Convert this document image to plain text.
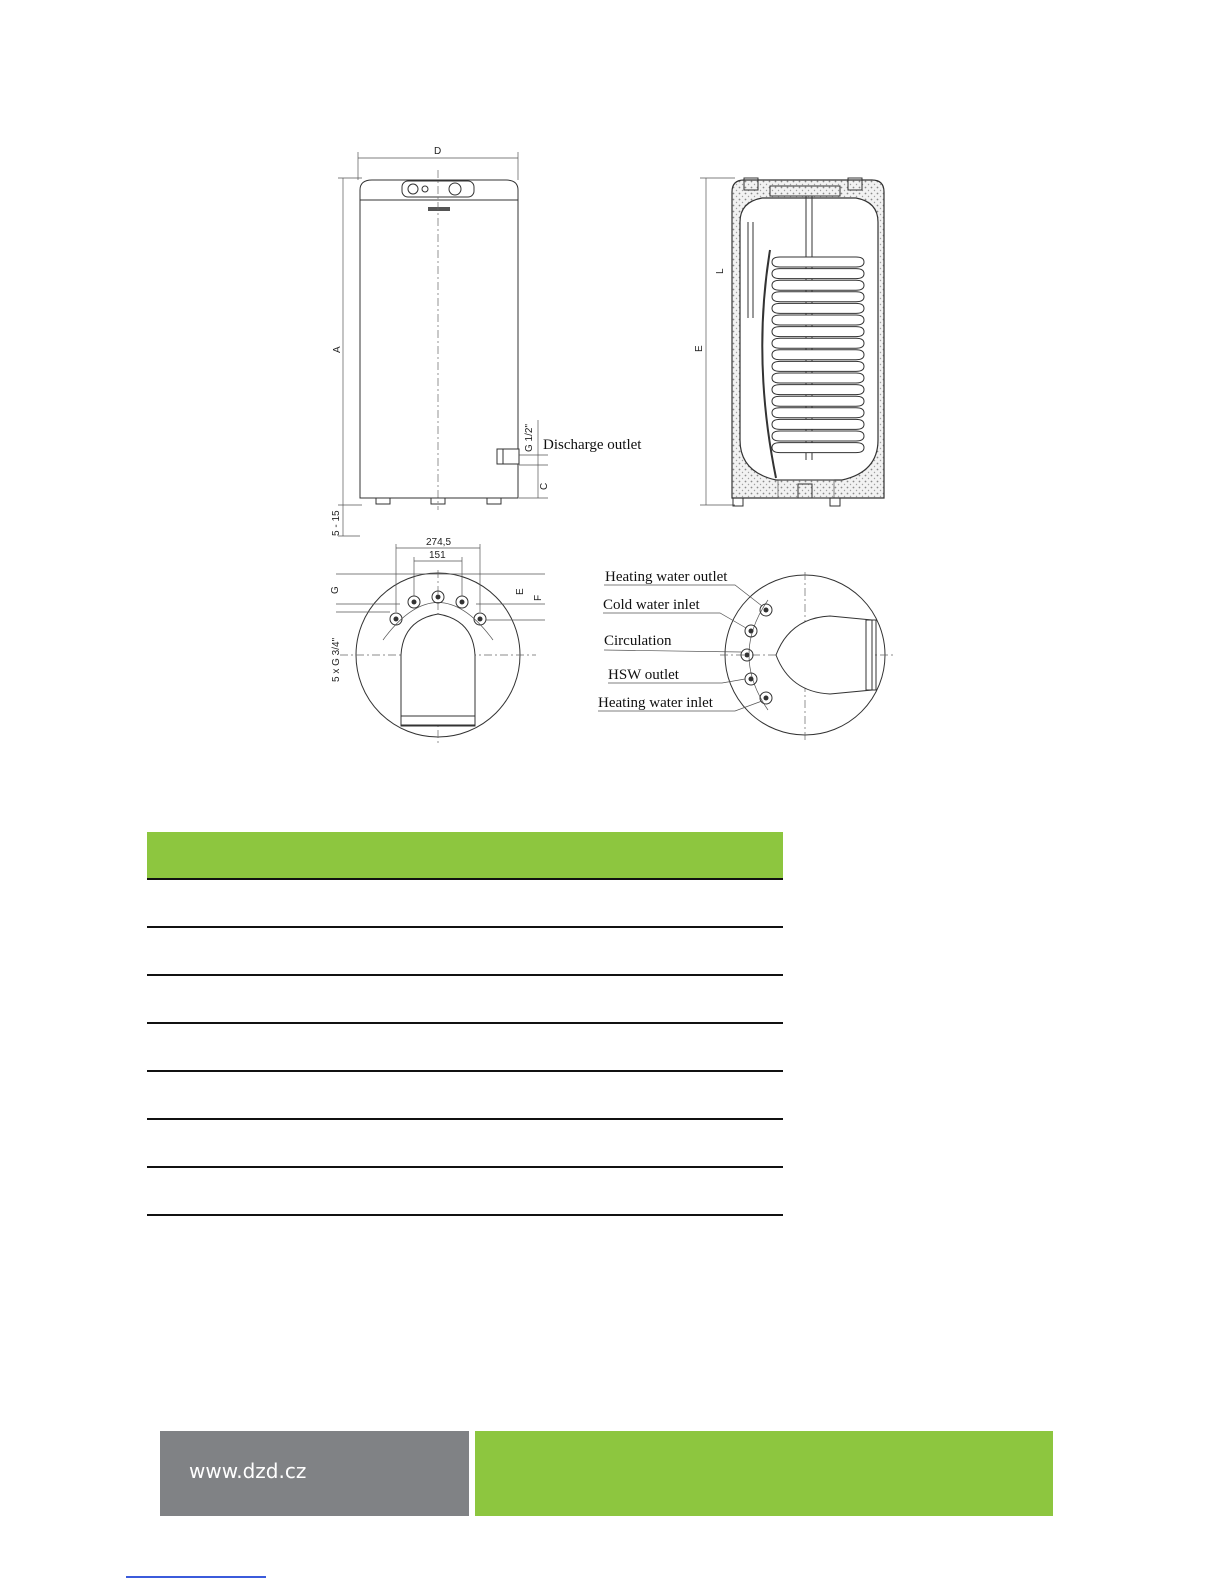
D
A
G 1/2"
C
Discharge outlet
5 - 15
E
L
274,5
151
G	E
F
5 x G 3/4"
Heating water outlet
Cold water inlet
Circulation
HSW outlet
Heating water inlet
www.dzd.cz
